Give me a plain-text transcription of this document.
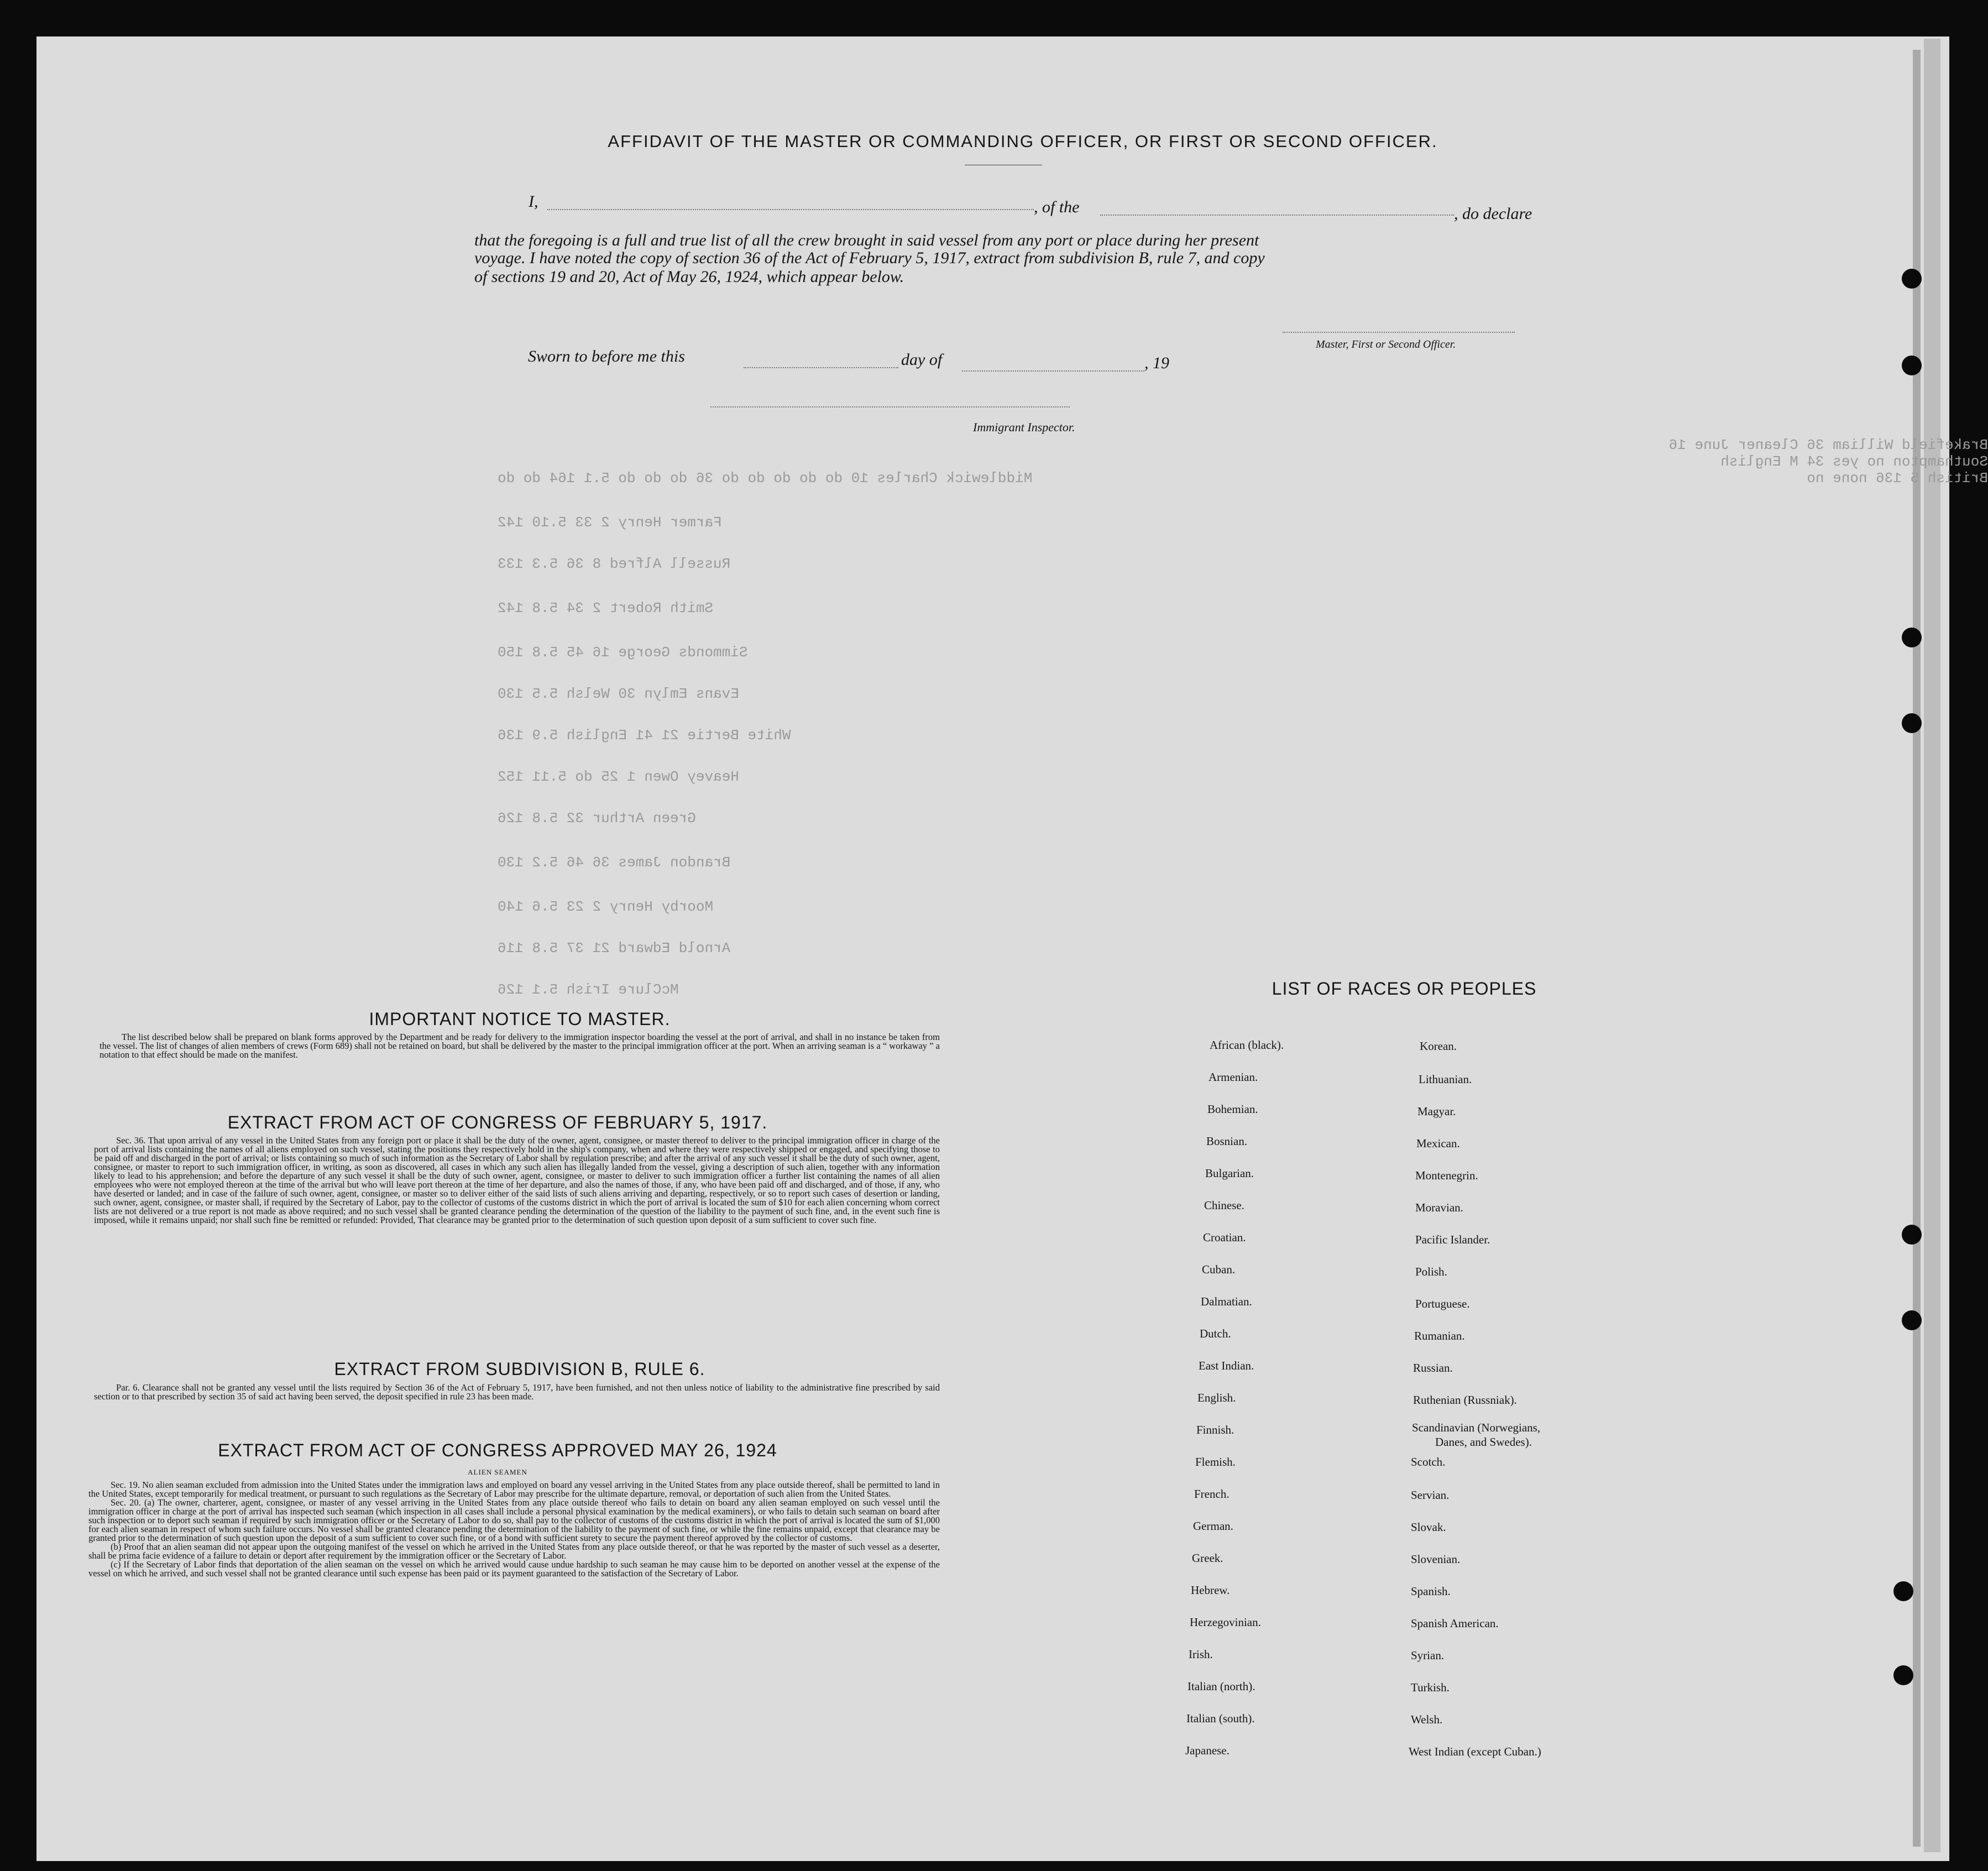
Brakefield William 36 Cleaner June 16 Southampton no yes 34 M English British 5 136 none no
Middlewick Charles 10 do do do do do 36 do do do 5.1 164 do do
Farmer Henry 2 33 5.10 142
Russell Alfred 8 36 5.3 133
Smith Robert 2 34 5.8 142
Simmonds George 16 45 5.8 150
Evans Emlyn 30 Welsh 5.5 130
White Bertie 21 41 English 5.9 136
Heavey Owen 1 25 do 5.11 152
Green Arthur 32 5.8 126
Brandon James 36 46 5.2 130
Moorby Henry 2 23 5.6 140
Arnold Edward 21 37 5.8 116
McClure Irish 5.1 126
AFFIDAVIT OF THE MASTER OR COMMANDING OFFICER, OR FIRST OR SECOND OFFICER.
I,	, of the	, do declare
that the foregoing is a full and true list of all the crew brought in said vessel from any port or place during her present
voyage. I have noted the copy of section 36 of the Act of February 5, 1917, extract from subdivision B, rule 7, and copy
of sections 19 and 20, Act of May 26, 1924, which appear below.
Master, First or Second Officer.
Sworn to before me this	day of	, 19
Immigrant Inspector.
IMPORTANT NOTICE TO MASTER.

The list described below shall be prepared on blank forms approved by the Department and be ready for delivery to the immigration inspector boarding the vessel at the port of arrival, and shall in no instance be taken from the vessel. The list of changes of alien members of crews (Form 689) shall not be retained on board, but shall be delivered by the master to the principal immigration officer at the port. When an arriving seaman is a “ workaway ” a notation to that effect should be made on the manifest.

EXTRACT FROM ACT OF CONGRESS OF FEBRUARY 5, 1917.

Sec. 36. That upon arrival of any vessel in the United States from any foreign port or place it shall be the duty of the owner, agent, consignee, or master thereof to deliver to the principal immigration officer in charge of the port of arrival lists containing the names of all aliens employed on such vessel, stating the positions they respectively hold in the ship's company, when and where they were respectively shipped or engaged, and specifying those to be paid off and discharged in the port of arrival; or lists containing so much of such information as the Secretary of Labor shall by regulation prescribe; and after the arrival of any such vessel it shall be the duty of such owner, agent, consignee, or master to report to such immigration officer, in writing, as soon as discovered, all cases in which any such alien has illegally landed from the vessel, giving a description of such alien, together with any information likely to lead to his apprehension; and before the departure of any such vessel it shall be the duty of such owner, agent, consignee, or master to deliver to such immigration officer a further list containing the names of all alien employees who were not employed thereon at the time of the arrival but who will leave port thereon at the time of her departure, and also the names of those, if any, who have been paid off and discharged, and of those, if any, who have deserted or landed; and in case of the failure of such owner, agent, consignee, or master so to deliver either of the said lists of such aliens arriving and departing, respectively, or so to report such cases of desertion or landing, such owner, agent, consignee, or master shall, if required by the Secretary of Labor, pay to the collector of customs of the customs district in which the port of arrival is located the sum of $10 for each alien concerning whom correct lists are not delivered or a true report is not made as above required; and no such vessel shall be granted clearance pending the determination of the question of the liability to the payment of such fine, and, in the event such fine is imposed, while it remains unpaid; nor shall such fine be remitted or refunded: Provided, That clearance may be granted prior to the determination of such question upon deposit of a sum sufficient to cover such fine.

EXTRACT FROM SUBDIVISION B, RULE 6.

Par. 6. Clearance shall not be granted any vessel until the lists required by Section 36 of the Act of February 5, 1917, have been furnished, and not then unless notice of liability to the administrative fine prescribed by said section or to that prescribed by section 35 of said act having been served, the deposit specified in rule 23 has been made.

EXTRACT FROM ACT OF CONGRESS APPROVED MAY 26, 1924
ALIEN SEAMEN

Sec. 19. No alien seaman excluded from admission into the United States under the immigration laws and employed on board any vessel arriving in the United States from any place outside thereof, shall be permitted to land in the United States, except temporarily for medical treatment, or pursuant to such regulations as the Secretary of Labor may prescribe for the ultimate departure, removal, or deportation of such alien from the United States.

Sec. 20. (a) The owner, charterer, agent, consignee, or master of any vessel arriving in the United States from any place outside thereof who fails to detain on board any alien seaman employed on such vessel until the immigration officer in charge at the port of arrival has inspected such seaman (which inspection in all cases shall include a personal physical examination by the medical examiners), or who fails to detain such seaman on board after such inspection or to deport such seaman if required by such immigration officer or the Secretary of Labor to do so, shall pay to the collector of customs of the customs district in which the port of arrival is located the sum of $1,000 for each alien seaman in respect of whom such failure occurs. No vessel shall be granted clearance pending the determination of the liability to the payment of such fine, or while the fine remains unpaid, except that clearance may be granted prior to the determination of such question upon the deposit of a sum sufficient to cover such fine, or of a bond with sufficient surety to secure the payment thereof approved by the collector of customs.

(b) Proof that an alien seaman did not appear upon the outgoing manifest of the vessel on which he arrived in the United States from any place outside thereof, or that he was reported by the master of such vessel as a deserter, shall be prima facie evidence of a failure to detain or deport after requirement by the immigration officer or the Secretary of Labor.

(c) If the Secretary of Labor finds that deportation of the alien seaman on the vessel on which he arrived would cause undue hardship to such seaman he may cause him to be deported on another vessel at the expense of the vessel on which he arrived, and such vessel shall not be granted clearance until such expense has been paid or its payment guaranteed to the satisfaction of the Secretary of Labor.

LIST OF RACES OR PEOPLES
African (black).
Armenian.
Bohemian.
Bosnian.
Bulgarian.
Chinese.
Croatian.
Cuban.
Dalmatian.
Dutch.
East Indian.
English.
Finnish.
Flemish.
French.
German.
Greek.
Hebrew.
Herzegovinian.
Irish.
Italian (north).
Italian (south).
Japanese.
Korean.
Lithuanian.
Magyar.
Mexican.
Montenegrin.
Moravian.
Pacific Islander.
Polish.
Portuguese.
Rumanian.
Russian.
Ruthenian (Russniak).
Scandinavian (Norwegians,
Danes, and Swedes).
Scotch.
Servian.
Slovak.
Slovenian.
Spanish.
Spanish American.
Syrian.
Turkish.
Welsh.
West Indian (except Cuban.)
